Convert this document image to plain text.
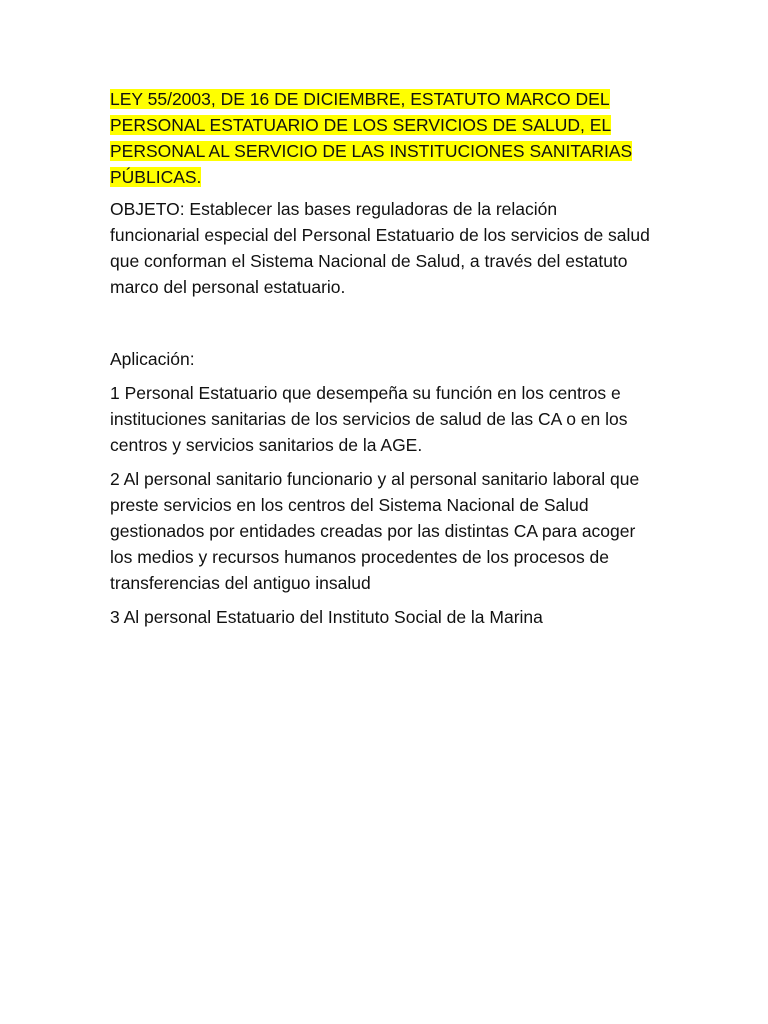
LEY 55/2003, DE 16 DE DICIEMBRE, ESTATUTO MARCO DEL PERSONAL ESTATUARIO DE LOS SERVICIOS DE SALUD, EL PERSONAL AL SERVICIO DE LAS INSTITUCIONES SANITARIAS PÚBLICAS.

OBJETO: Establecer las bases reguladoras de la relación funcionarial especial del Personal Estatuario de los servicios de salud que conforman el Sistema Nacional de Salud, a través del estatuto marco del personal estatuario.

Aplicación:

1 Personal Estatuario que desempeña su función en los centros e instituciones sanitarias de los servicios de salud de las CA o en los centros y servicios sanitarios de la AGE.

2 Al personal sanitario funcionario y al personal sanitario laboral que preste servicios en los centros del Sistema Nacional de Salud gestionados por entidades creadas por las distintas CA para acoger los medios y recursos humanos procedentes de los procesos de transferencias del antiguo insalud

3 Al personal Estatuario del Instituto Social de la Marina
